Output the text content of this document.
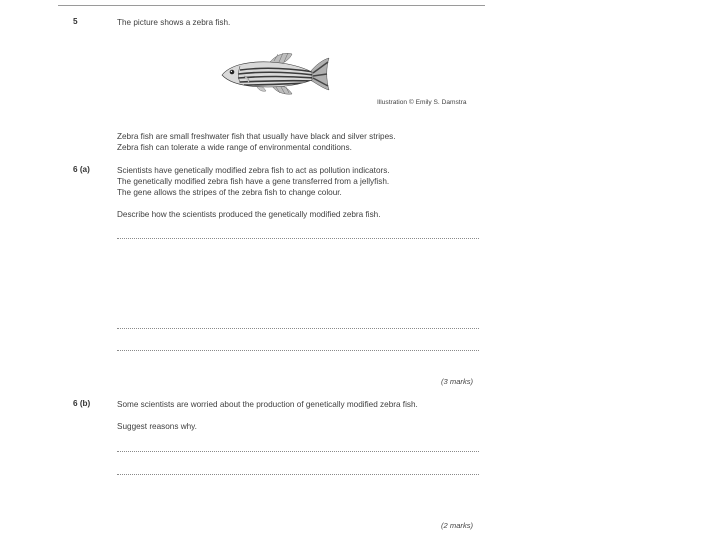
5	The picture shows a zebra fish.
Illustration © Emily S. Damstra
Zebra fish are small freshwater fish that usually have black and silver stripes.
Zebra fish can tolerate a wide range of environmental conditions.
6 (a)	Scientists have genetically modified zebra fish to act as pollution indicators.
The genetically modified zebra fish have a gene transferred from a jellyfish.
The gene allows the stripes of the zebra fish to change colour.
Describe how the scientists produced the genetically modified zebra fish.
(3 marks)
6 (b)	Some scientists are worried about the production of genetically modified zebra fish.
Suggest reasons why.
(2 marks)
